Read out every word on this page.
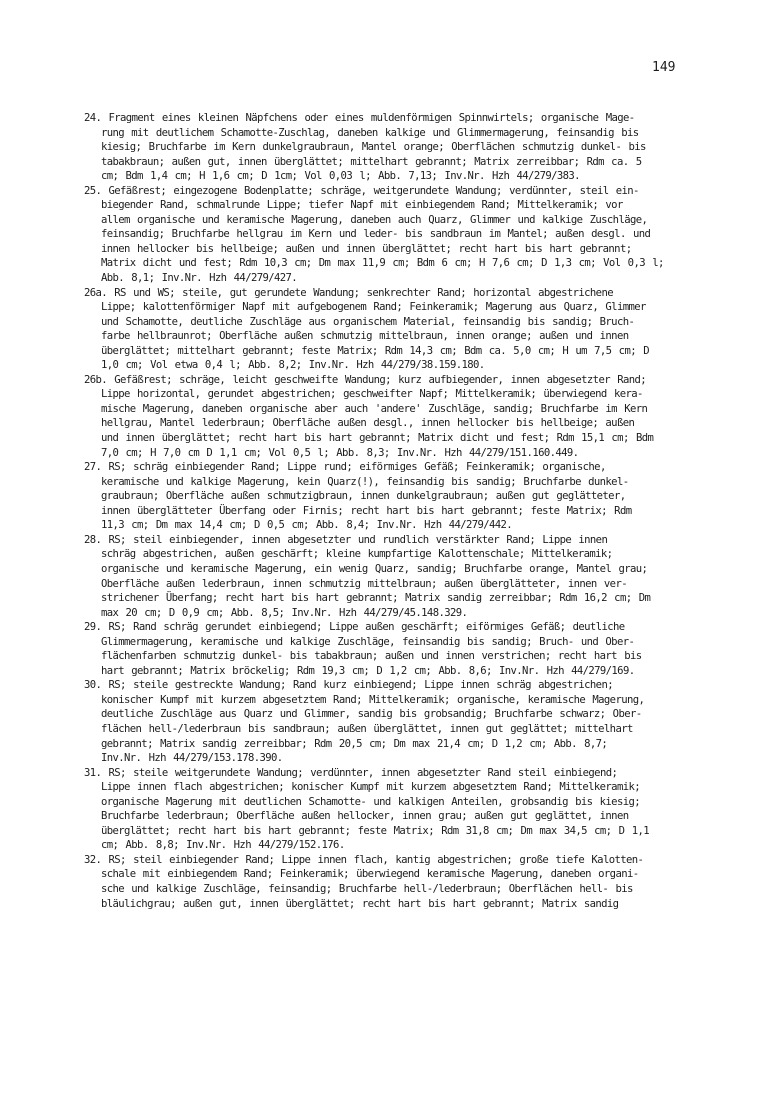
149
24. Fragment eines kleinen Näpfchens oder eines muldenförmigen Spinnwirtels; organische Mage-
rung mit deutlichem Schamotte-Zuschlag, daneben kalkige und Glimmermagerung, feinsandig bis
kiesig; Bruchfarbe im Kern dunkelgraubraun, Mantel orange; Oberflächen schmutzig dunkel- bis
tabakbraun; außen gut, innen überglättet; mittelhart gebrannt; Matrix zerreibbar; Rdm ca. 5
cm; Bdm 1,4 cm; H 1,6 cm; D 1cm; Vol 0,03 l; Abb. 7,13; Inv.Nr. Hzh 44/279/383.
25. Gefäßrest; eingezogene Bodenplatte; schräge, weitgerundete Wandung; verdünnter, steil ein-
biegender Rand, schmalrunde Lippe; tiefer Napf mit einbiegendem Rand; Mittelkeramik; vor
allem organische und keramische Magerung, daneben auch Quarz, Glimmer und kalkige Zuschläge,
feinsandig; Bruchfarbe hellgrau im Kern und leder- bis sandbraun im Mantel; außen desgl. und
innen hellocker bis hellbeige; außen und innen überglättet; recht hart bis hart gebrannt;
Matrix dicht und fest; Rdm 10,3 cm; Dm max 11,9 cm; Bdm 6 cm; H 7,6 cm; D 1,3 cm; Vol 0,3 l;
Abb. 8,1; Inv.Nr. Hzh 44/279/427.
26a. RS und WS; steile, gut gerundete Wandung; senkrechter Rand; horizontal abgestrichene
Lippe; kalottenförmiger Napf mit aufgebogenem Rand; Feinkeramik; Magerung aus Quarz, Glimmer
und Schamotte, deutliche Zuschläge aus organischem Material, feinsandig bis sandig; Bruch-
farbe hellbraunrot; Oberfläche außen schmutzig mittelbraun, innen orange; außen und innen
überglättet; mittelhart gebrannt; feste Matrix; Rdm 14,3 cm; Bdm ca. 5,0 cm; H um 7,5 cm; D
1,0 cm; Vol etwa 0,4 l; Abb. 8,2; Inv.Nr. Hzh 44/279/38.159.180.
26b. Gefäßrest; schräge, leicht geschweifte Wandung; kurz aufbiegender, innen abgesetzter Rand;
Lippe horizontal, gerundet abgestrichen; geschweifter Napf; Mittelkeramik; überwiegend kera-
mische Magerung, daneben organische aber auch 'andere' Zuschläge, sandig; Bruchfarbe im Kern
hellgrau, Mantel lederbraun; Oberfläche außen desgl., innen hellocker bis hellbeige; außen
und innen überglättet; recht hart bis hart gebrannt; Matrix dicht und fest; Rdm 15,1 cm; Bdm
7,0 cm; H 7,0 cm D 1,1 cm; Vol 0,5 l; Abb. 8,3; Inv.Nr. Hzh 44/279/151.160.449.
27. RS; schräg einbiegender Rand; Lippe rund; eiförmiges Gefäß; Feinkeramik; organische,
keramische und kalkige Magerung, kein Quarz(!), feinsandig bis sandig; Bruchfarbe dunkel-
graubraun; Oberfläche außen schmutzigbraun, innen dunkelgraubraun; außen gut geglätteter,
innen überglätteter Überfang oder Firnis; recht hart bis hart gebrannt; feste Matrix; Rdm
11,3 cm; Dm max 14,4 cm; D 0,5 cm; Abb. 8,4; Inv.Nr. Hzh 44/279/442.
28. RS; steil einbiegender, innen abgesetzter und rundlich verstärkter Rand; Lippe innen
schräg abgestrichen, außen geschärft; kleine kumpfartige Kalottenschale; Mittelkeramik;
organische und keramische Magerung, ein wenig Quarz, sandig; Bruchfarbe orange, Mantel grau;
Oberfläche außen lederbraun, innen schmutzig mittelbraun; außen überglätteter, innen ver-
strichener Überfang; recht hart bis hart gebrannt; Matrix sandig zerreibbar; Rdm 16,2 cm; Dm
max 20 cm; D 0,9 cm; Abb. 8,5; Inv.Nr. Hzh 44/279/45.148.329.
29. RS; Rand schräg gerundet einbiegend; Lippe außen geschärft; eiförmiges Gefäß; deutliche
Glimmermagerung, keramische und kalkige Zuschläge, feinsandig bis sandig; Bruch- und Ober-
flächenfarben schmutzig dunkel- bis tabakbraun; außen und innen verstrichen; recht hart bis
hart gebrannt; Matrix bröckelig; Rdm 19,3 cm; D 1,2 cm; Abb. 8,6; Inv.Nr. Hzh 44/279/169.
30. RS; steile gestreckte Wandung; Rand kurz einbiegend; Lippe innen schräg abgestrichen;
konischer Kumpf mit kurzem abgesetztem Rand; Mittelkeramik; organische, keramische Magerung,
deutliche Zuschläge aus Quarz und Glimmer, sandig bis grobsandig; Bruchfarbe schwarz; Ober-
flächen hell-/lederbraun bis sandbraun; außen überglättet, innen gut geglättet; mittelhart
gebrannt; Matrix sandig zerreibbar; Rdm 20,5 cm; Dm max 21,4 cm; D 1,2 cm; Abb. 8,7;
Inv.Nr. Hzh 44/279/153.178.390.
31. RS; steile weitgerundete Wandung; verdünnter, innen abgesetzter Rand steil einbiegend;
Lippe innen flach abgestrichen; konischer Kumpf mit kurzem abgesetztem Rand; Mittelkeramik;
organische Magerung mit deutlichen Schamotte- und kalkigen Anteilen, grobsandig bis kiesig;
Bruchfarbe lederbraun; Oberfläche außen hellocker, innen grau; außen gut geglättet, innen
überglättet; recht hart bis hart gebrannt; feste Matrix; Rdm 31,8 cm; Dm max 34,5 cm; D 1,1
cm; Abb. 8,8; Inv.Nr. Hzh 44/279/152.176.
32. RS; steil einbiegender Rand; Lippe innen flach, kantig abgestrichen; große tiefe Kalotten-
schale mit einbiegendem Rand; Feinkeramik; überwiegend keramische Magerung, daneben organi-
sche und kalkige Zuschläge, feinsandig; Bruchfarbe hell-/lederbraun; Oberflächen hell- bis
bläulichgrau; außen gut, innen überglättet; recht hart bis hart gebrannt; Matrix sandig
